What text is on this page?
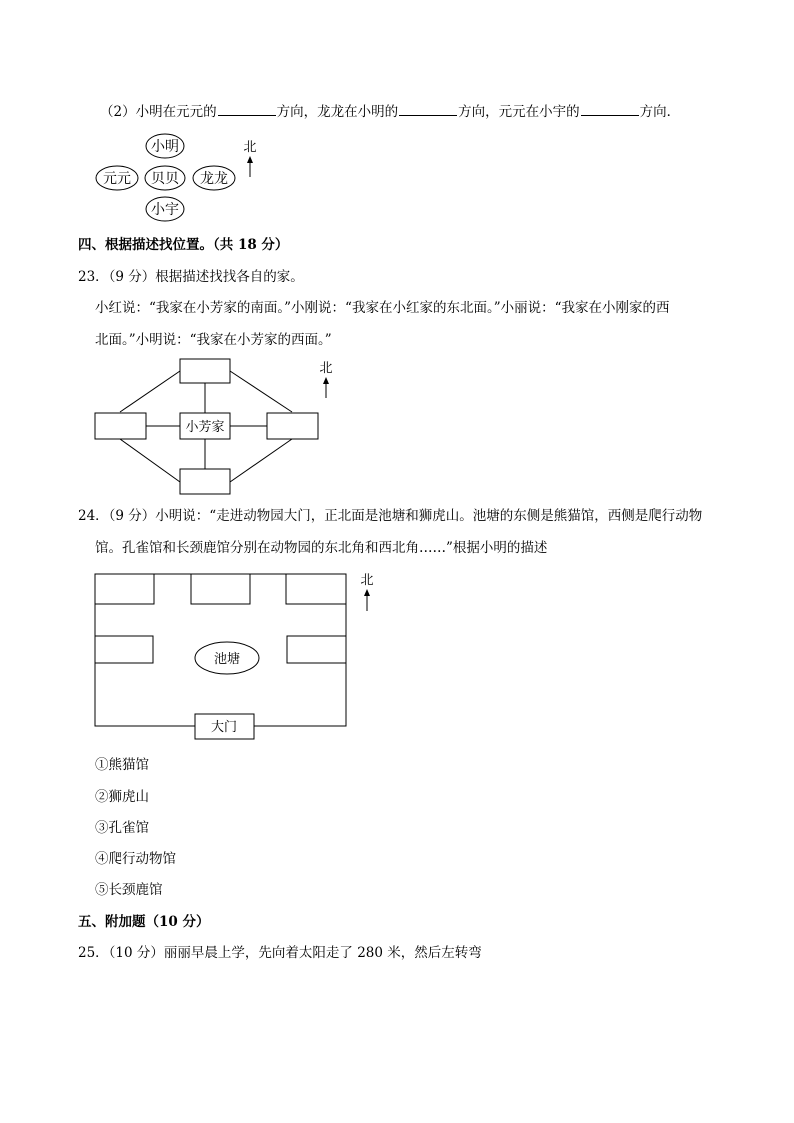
（2）小明在元元的	方向，龙龙在小明的	方向，元元在小宇的	方向．
小明
元元 贝贝 龙龙
小宇
北
小芳家
北
池塘
大门
北
四、根据描述找位置。（共 18 分）
23．（9 分）根据描述找找各自的家。
小红说：“我家在小芳家的南面。”小刚说：“我家在小红家的东北面。”小丽说：“我家在小刚家的西
北面。”小明说：“我家在小芳家的西面。”
24．（9 分）小明说：“走进动物园大门，正北面是池塘和狮虎山。池塘的东侧是熊猫馆，西侧是爬行动物
馆。孔雀馆和长颈鹿馆分别在动物园的东北角和西北角……”根据小明的描述
①熊猫馆
②狮虎山
③孔雀馆
④爬行动物馆
⑤长颈鹿馆
五、附加题（10 分）
25．（10 分）丽丽早晨上学，先向着太阳走了 280 米，然后左转弯
